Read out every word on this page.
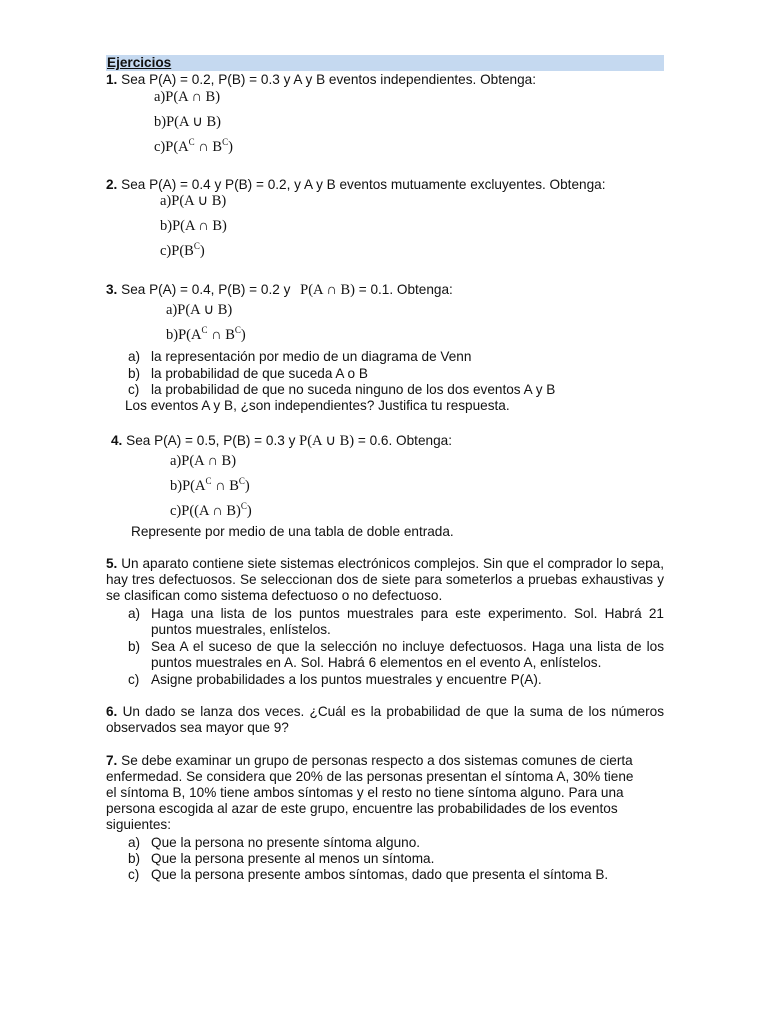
Ejercicios
1. Sea P(A) = 0.2, P(B) = 0.3 y A y B eventos independientes. Obtenga:
a)P(A ∩ B)
b)P(A ∪ B)
$c)P(A^C$ ∩ $B^C$)
2. Sea P(A) = 0.4 y P(B) = 0.2, y A y B eventos mutuamente excluyentes. Obtenga:
a)P(A ∪ B)
b)P(A ∩ B)
$c)P(B^C)$
3. Sea P(A) = 0.4, P(B) = 0.2 y P(A ∩ B) = 0.1. Obtenga:
a)P(A ∪ B)
$b)P(A^C$ ∩ $B^C$)
a) la representación por medio de un diagrama de Venn
b) la probabilidad de que suceda A o B
c) la probabilidad de que no suceda ninguno de los dos eventos A y B
Los eventos A y B, ¿son independientes? Justifica tu respuesta.
4. Sea P(A) = 0.5, P(B) = 0.3 y P(A ∪ B) = 0.6. Obtenga:
a)P(A ∩ B)
$b)P(A^C$ ∩ $B^C$)
c)P((A ∩ B)$^C$)
Represente por medio de una tabla de doble entrada.
5. Un aparato contiene siete sistemas electrónicos complejos. Sin que el comprador lo sepa, hay tres defectuosos. Se seleccionan dos de siete para someterlos a pruebas exhaustivas y se clasifican como sistema defectuoso o no defectuoso.
a) Haga una lista de los puntos muestrales para este experimento. Sol. Habrá 21 puntos muestrales, enlístelos.
b) Sea A el suceso de que la selección no incluye defectuosos. Haga una lista de los puntos muestrales en A. Sol. Habrá 6 elementos en el evento A, enlístelos.
c) Asigne probabilidades a los puntos muestrales y encuentre P(A).
6. Un dado se lanza dos veces. ¿Cuál es la probabilidad de que la suma de los números observados sea mayor que 9?
7. Se debe examinar un grupo de personas respecto a dos sistemas comunes de cierta enfermedad. Se considera que 20% de las personas presentan el síntoma A, 30% tiene el síntoma B, 10% tiene ambos síntomas y el resto no tiene síntoma alguno. Para una persona escogida al azar de este grupo, encuentre las probabilidades de los eventos siguientes:
a) Que la persona no presente síntoma alguno.
b) Que la persona presente al menos un síntoma.
c) Que la persona presente ambos síntomas, dado que presenta el síntoma B.
